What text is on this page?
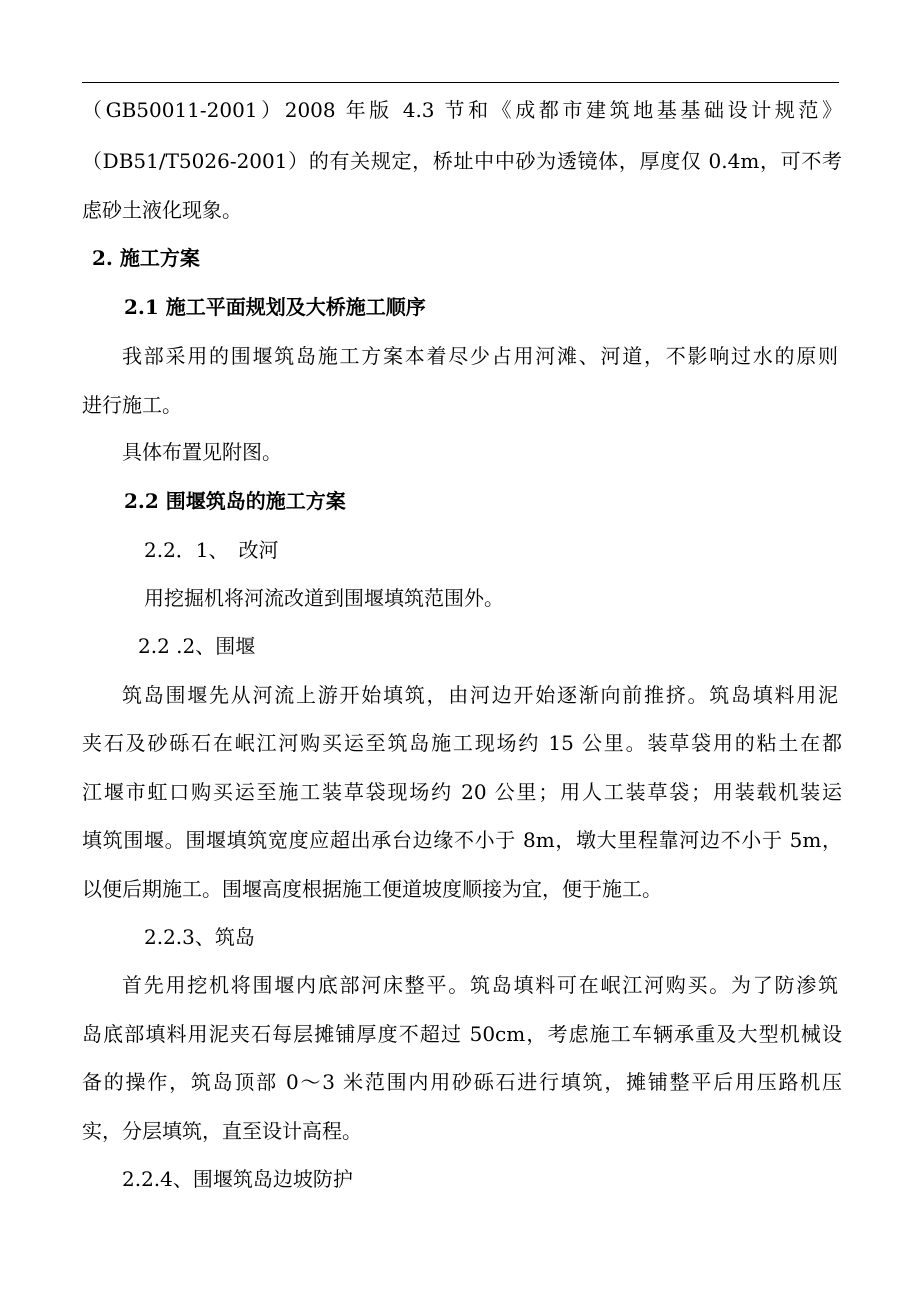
（GB50011-2001）2008 年版 4.3 节和《成都市建筑地基基础设计规范》
（DB51/T5026-2001）的有关规定，桥址中中砂为透镜体，厚度仅 0.4m，可不考
虑砂土液化现象。
2. 施工方案
2.1 施工平面规划及大桥施工顺序
我部采用的围堰筑岛施工方案本着尽少占用河滩、河道，不影响过水的原则
进行施工。
具体布置见附图。
2.2 围堰筑岛的施工方案
2.2．1、　改河
用挖掘机将河流改道到围堰填筑范围外。
2.2 .2、围堰
筑岛围堰先从河流上游开始填筑，由河边开始逐渐向前推挤。筑岛填料用泥
夹石及砂砾石在岷江河购买运至筑岛施工现场约 15 公里。装草袋用的粘土在都
江堰市虹口购买运至施工装草袋现场约 20 公里；用人工装草袋；用装载机装运
填筑围堰。围堰填筑宽度应超出承台边缘不小于 8m，墩大里程靠河边不小于 5m，
以便后期施工。围堰高度根据施工便道坡度顺接为宜，便于施工。
2.2.3、筑岛
首先用挖机将围堰内底部河床整平。筑岛填料可在岷江河购买。为了防渗筑
岛底部填料用泥夹石每层摊铺厚度不超过 50cm，考虑施工车辆承重及大型机械设
备的操作，筑岛顶部 0～3 米范围内用砂砾石进行填筑，摊铺整平后用压路机压
实，分层填筑，直至设计高程。
2.2.4、围堰筑岛边坡防护
